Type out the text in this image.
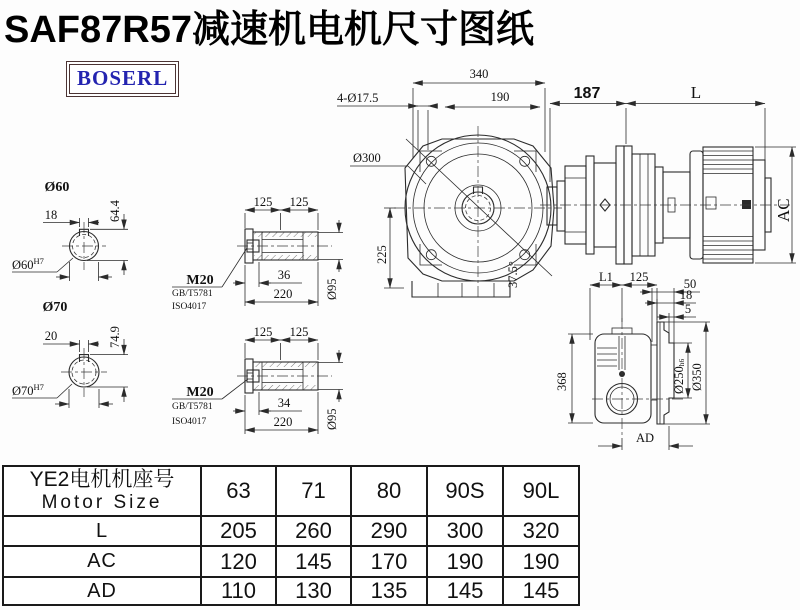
SAF87R57减速机电机尺寸图纸
BOSERL	340
190
4-Ø17.5
Ø300
225
37.5°
187	L
AC
Ø60
18	64.4
$Ø60^{H7}$
Ø70
20	74.9
$Ø70^{H7}$
125 125
36
220	Ø95
M20
GB/T5781
ISO4017
125 125
34
220	Ø95
M20
GB/T5781
ISO4017
L1 125	50
18
5
368	Ø250h6
Ø350
AD
YE2电机机座号
Motor Size	63	71	80	90S	90L
L	205	260	290	300	320
AC	120	145	170	190	190
AD	110	130	135	145	145
